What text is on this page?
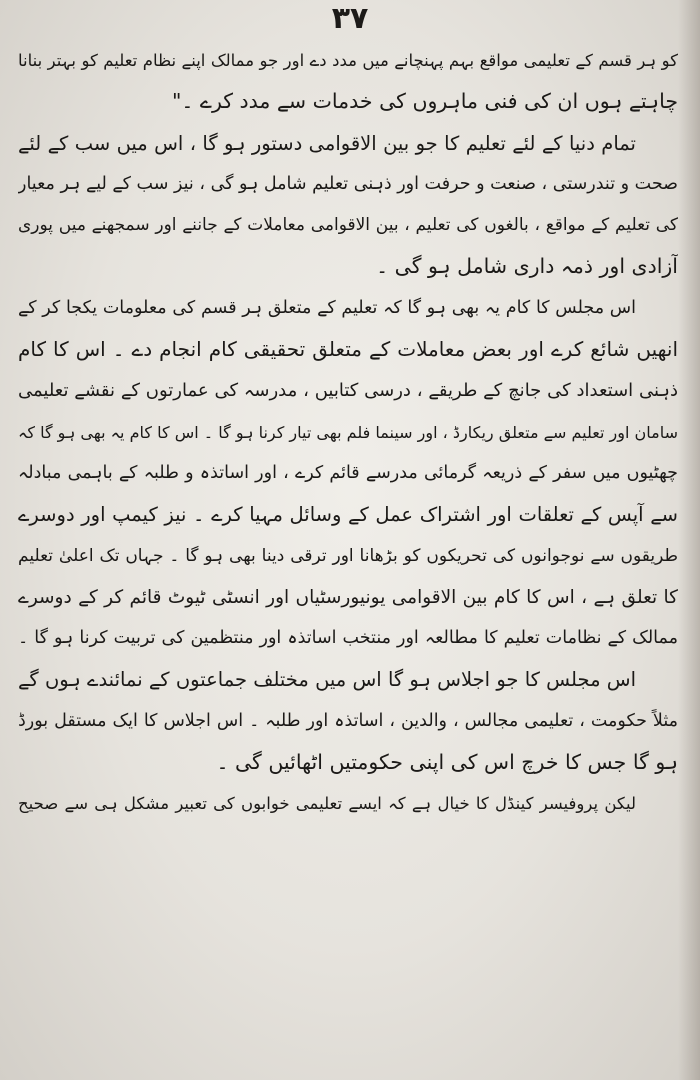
۳۷
کو ہر قسم کے تعلیمی مواقع بہم پہنچانے میں مدد دے اور جو ممالک اپنے نظام تعلیم کو بہتر بنانا
چاہتے ہوں ان کی فنی ماہروں کی خدمات سے مدد کرے ۔"
تمام دنیا کے لئے تعلیم کا جو بین الاقوامی دستور ہو گا ، اس میں سب کے لئے
صحت و تندرستی ، صنعت و حرفت اور ذہنی تعلیم شامل ہو گی ، نیز سب کے لیے ہر معیار
کی تعلیم کے مواقع ، بالغوں کی تعلیم ، بین الاقوامی معاملات کے جاننے اور سمجھنے میں پوری
آزادی اور ذمہ داری شامل ہو گی ۔
اس مجلس کا کام یہ بھی ہو گا کہ تعلیم کے متعلق ہر قسم کی معلومات یکجا کر کے
انھیں شائع کرے اور بعض معاملات کے متعلق تحقیقی کام انجام دے ۔ اس کا کام
ذہنی استعداد کی جانچ کے طریقے ، درسی کتابیں ، مدرسہ کی عمارتوں کے نقشے تعلیمی
سامان اور تعلیم سے متعلق ریکارڈ ، اور سینما فلم بھی تیار کرنا ہو گا ۔ اس کا کام یہ بھی ہو گا کہ
چھٹیوں میں سفر کے ذریعہ گرمائی مدرسے قائم کرے ، اور اساتذہ و طلبہ کے باہمی مبادلہ
سے آپس کے تعلقات اور اشتراک عمل کے وسائل مہیا کرے ۔ نیز کیمپ اور دوسرے
طریقوں سے نوجوانوں کی تحریکوں کو بڑھانا اور ترقی دینا بھی ہو گا ۔ جہاں تک اعلیٰ تعلیم
کا تعلق ہے ، اس کا کام بین الاقوامی یونیورسٹیاں اور انسٹی ٹیوٹ قائم کر کے دوسرے
ممالک کے نظامات تعلیم کا مطالعہ اور منتخب اساتذہ اور منتظمین کی تربیت کرنا ہو گا ۔
اس مجلس کا جو اجلاس ہو گا اس میں مختلف جماعتوں کے نمائندے ہوں گے
مثلاً حکومت ، تعلیمی مجالس ، والدین ، اساتذہ اور طلبہ ۔ اس اجلاس کا ایک مستقل بورڈ
ہو گا جس کا خرچ اس کی اپنی حکومتیں اٹھائیں گی ۔
لیکن پروفیسر کینڈل کا خیال ہے کہ ایسے تعلیمی خوابوں کی تعبیر مشکل ہی سے صحیح
